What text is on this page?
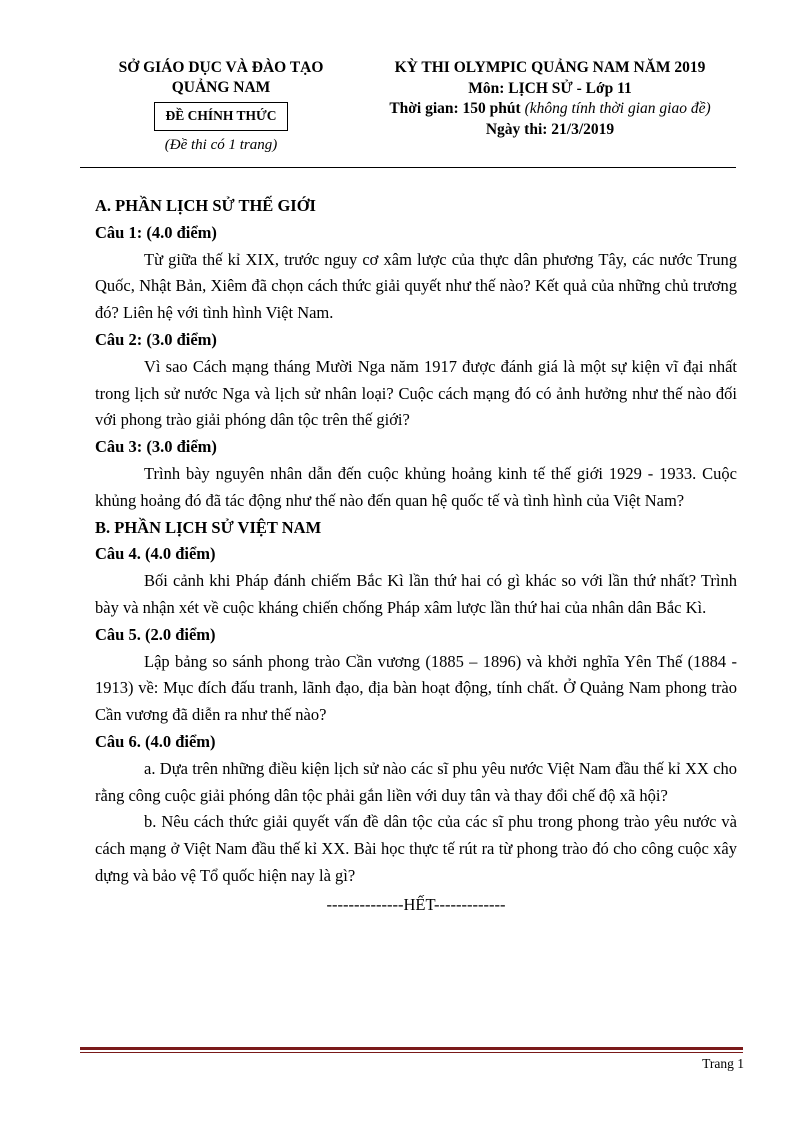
SỞ GIÁO DỤC VÀ ĐÀO TẠO
QUẢNG NAM
ĐỀ CHÍNH THỨC
(Đề thi có 1 trang)
KỲ THI OLYMPIC QUẢNG NAM NĂM 2019
Môn: LỊCH SỬ - Lớp 11
Thời gian: 150 phút (không tính thời gian giao đề)
Ngày thi: 21/3/2019

A. PHẦN LỊCH SỬ THẾ GIỚI

Câu 1: (4.0 điểm)

Từ giữa thế kỉ XIX, trước nguy cơ xâm lược của thực dân phương Tây, các nước Trung Quốc, Nhật Bản, Xiêm đã chọn cách thức giải quyết như thế nào? Kết quả của những chủ trương đó? Liên hệ với tình hình Việt Nam.

Câu 2: (3.0 điểm)

Vì sao Cách mạng tháng Mười Nga năm 1917 được đánh giá là một sự kiện vĩ đại nhất trong lịch sử nước Nga và lịch sử nhân loại? Cuộc cách mạng đó có ảnh hưởng như thế nào đối với phong trào giải phóng dân tộc trên thế giới?

Câu 3: (3.0 điểm)

Trình bày nguyên nhân dẫn đến cuộc khủng hoảng kinh tế thế giới 1929 - 1933. Cuộc khủng hoảng đó đã tác động như thế nào đến quan hệ quốc tế và tình hình của Việt Nam?

B. PHẦN LỊCH SỬ VIỆT NAM

Câu 4. (4.0 điểm)

Bối cảnh khi Pháp đánh chiếm Bắc Kì lần thứ hai có gì khác so với lần thứ nhất? Trình bày và nhận xét về cuộc kháng chiến chống Pháp xâm lược lần thứ hai của nhân dân Bắc Kì.

Câu 5. (2.0 điểm)

Lập bảng so sánh phong trào Cần vương (1885 – 1896) và khởi nghĩa Yên Thế (1884 - 1913) về: Mục đích đấu tranh, lãnh đạo, địa bàn hoạt động, tính chất. Ở Quảng Nam phong trào Cần vương đã diễn ra như thế nào?

Câu 6. (4.0 điểm)

a. Dựa trên những điều kiện lịch sử nào các sĩ phu yêu nước Việt Nam đầu thế kỉ XX cho rằng công cuộc giải phóng dân tộc phải gắn liền với duy tân và thay đổi chế độ xã hội?

b. Nêu cách thức giải quyết vấn đề dân tộc của các sĩ phu trong phong trào yêu nước và cách mạng ở Việt Nam đầu thế kỉ XX. Bài học thực tế rút ra từ phong trào đó cho công cuộc xây dựng và bảo vệ Tổ quốc hiện nay là gì?

--------------HẾT-------------

Trang 1
